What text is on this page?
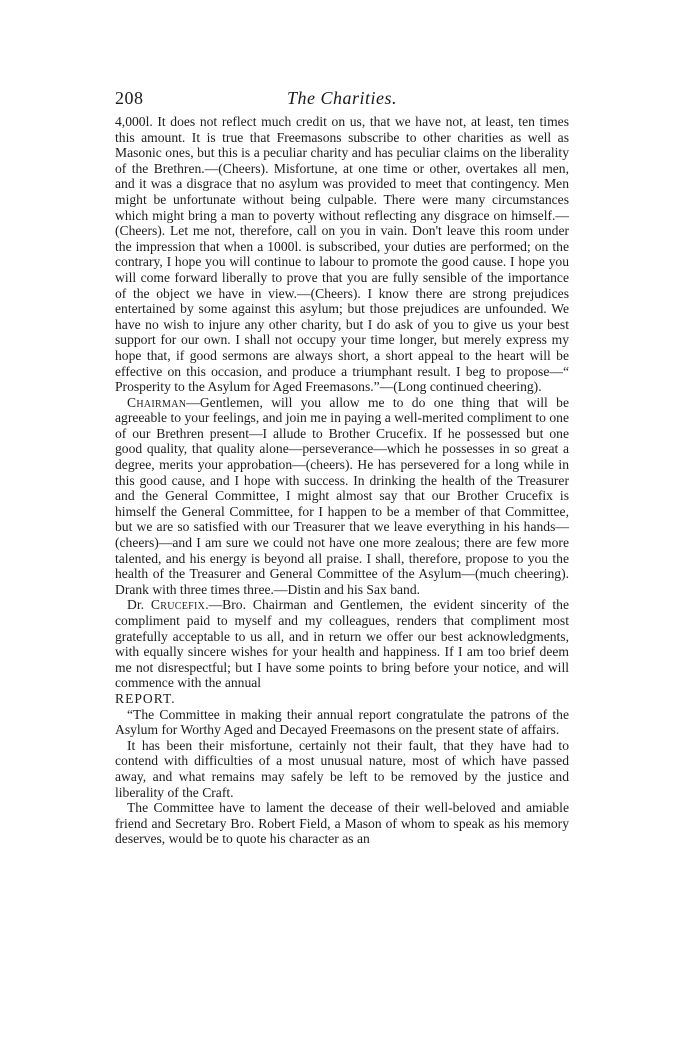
208	The Charities.

4,000l. It does not reflect much credit on us, that we have not, at least, ten times this amount. It is true that Freemasons subscribe to other charities as well as Masonic ones, but this is a peculiar charity and has peculiar claims on the liberality of the Brethren.—(Cheers). Misfortune, at one time or other, overtakes all men, and it was a disgrace that no asylum was provided to meet that contingency. Men might be unfortunate without being culpable. There were many circumstances which might bring a man to poverty without reflecting any disgrace on himself.—(Cheers). Let me not, therefore, call on you in vain. Don't leave this room under the impression that when a 1000l. is subscribed, your duties are performed; on the contrary, I hope you will continue to labour to promote the good cause. I hope you will come forward liberally to prove that you are fully sensible of the importance of the object we have in view.—(Cheers). I know there are strong prejudices entertained by some against this asylum; but those prejudices are unfounded. We have no wish to injure any other charity, but I do ask of you to give us your best support for our own. I shall not occupy your time longer, but merely express my hope that, if good sermons are always short, a short appeal to the heart will be effective on this occasion, and produce a triumphant result. I beg to propose—“ Prosperity to the Asylum for Aged Freemasons.”—(Long continued cheering).

Chairman—Gentlemen, will you allow me to do one thing that will be agreeable to your feelings, and join me in paying a well-merited compliment to one of our Brethren present—I allude to Brother Crucefix. If he possessed but one good quality, that quality alone—perseverance—which he possesses in so great a degree, merits your approbation—(cheers). He has persevered for a long while in this good cause, and I hope with success. In drinking the health of the Treasurer and the General Committee, I might almost say that our Brother Crucefix is himself the General Committee, for I happen to be a member of that Committee, but we are so satisfied with our Treasurer that we leave everything in his hands—(cheers)—and I am sure we could not have one more zealous; there are few more talented, and his energy is beyond all praise. I shall, therefore, propose to you the health of the Treasurer and General Committee of the Asylum—(much cheering). Drank with three times three.—Distin and his Sax band.

Dr. Crucefix.—Bro. Chairman and Gentlemen, the evident sincerity of the compliment paid to myself and my colleagues, renders that compliment most gratefully acceptable to us all, and in return we offer our best acknowledgments, with equally sincere wishes for your health and happiness. If I am too brief deem me not disrespectful; but I have some points to bring before your notice, and will commence with the annual

REPORT.

“The Committee in making their annual report congratulate the patrons of the Asylum for Worthy Aged and Decayed Freemasons on the present state of affairs.

It has been their misfortune, certainly not their fault, that they have had to contend with difficulties of a most unusual nature, most of which have passed away, and what remains may safely be left to be removed by the justice and liberality of the Craft.

The Committee have to lament the decease of their well-beloved and amiable friend and Secretary Bro. Robert Field, a Mason of whom to speak as his memory deserves, would be to quote his character as an
